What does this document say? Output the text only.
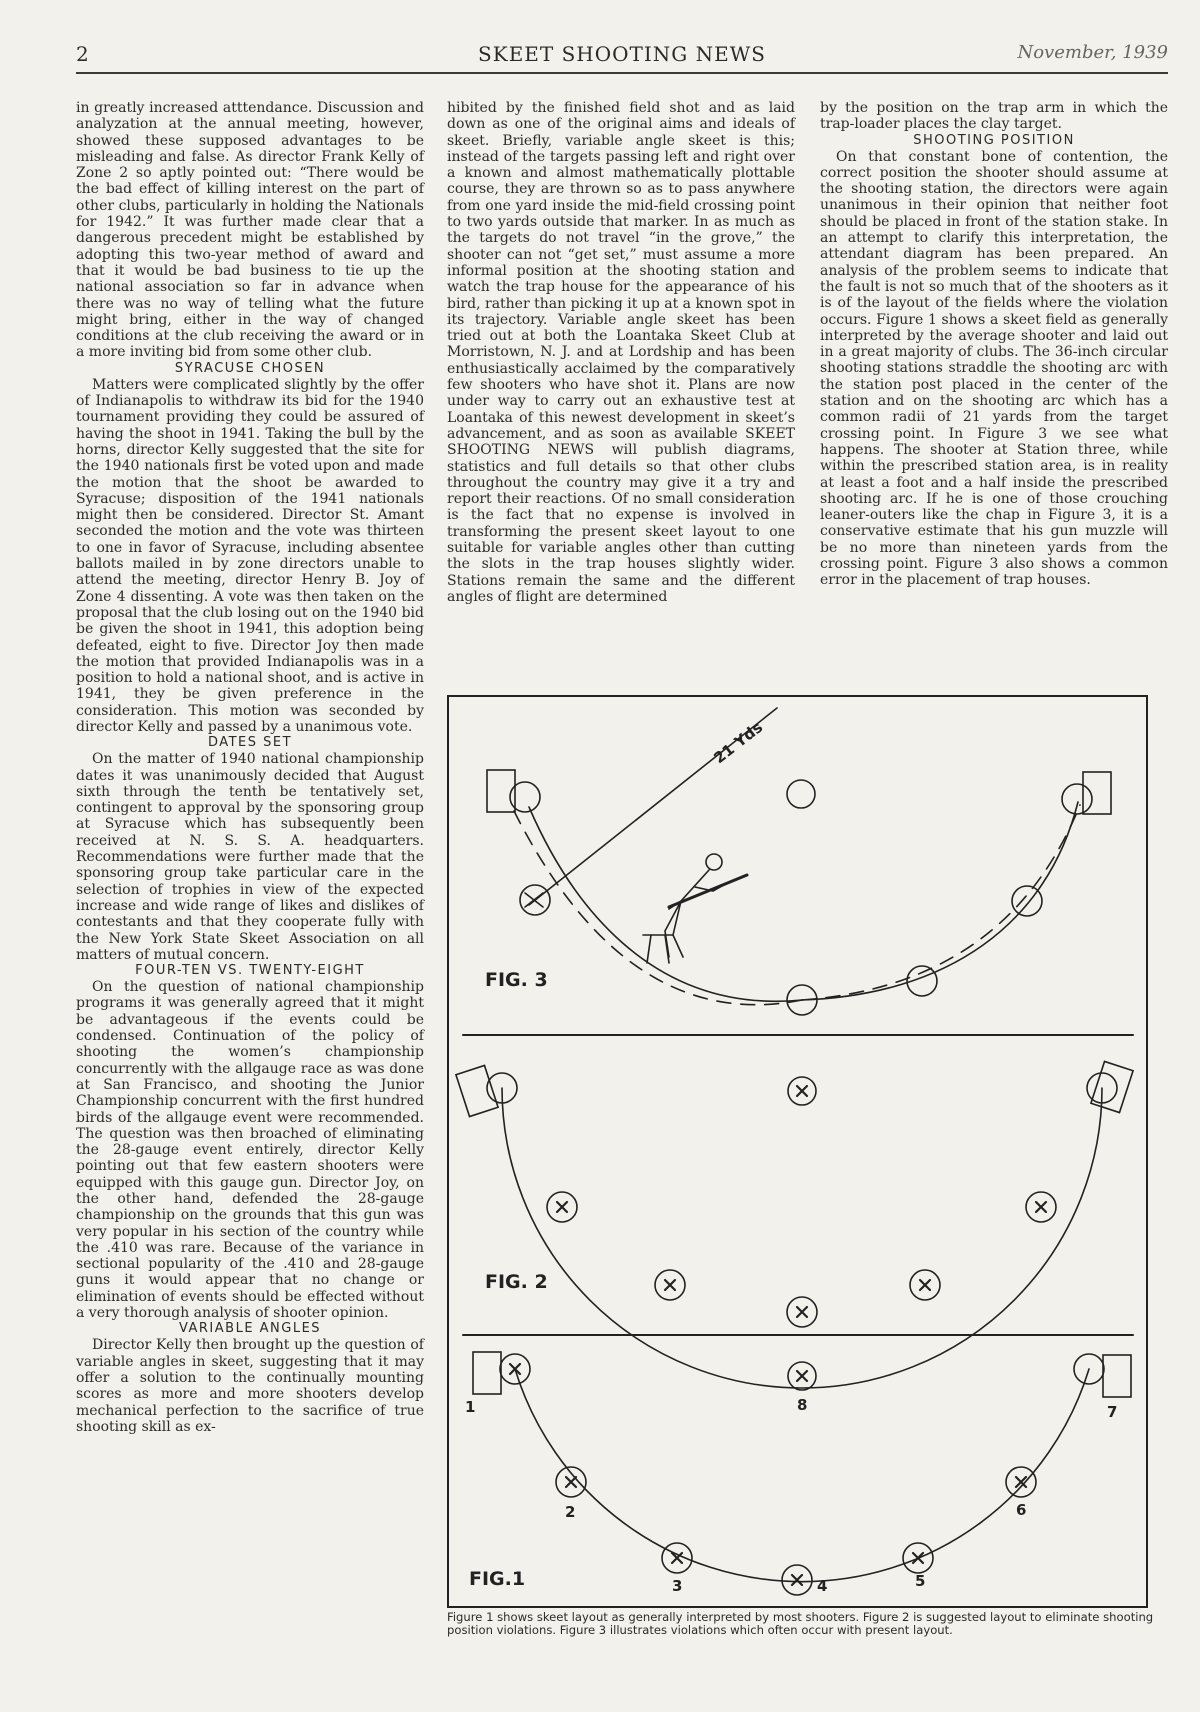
2	SKEET SHOOTING NEWS	November, 1939

in greatly increased atttendance. Discussion and analyzation at the annual meeting, however, showed these supposed advantages to be misleading and false. As director Frank Kelly of Zone 2 so aptly pointed out: “There would be the bad effect of killing interest on the part of other clubs, particularly in holding the Nationals for 1942.” It was further made clear that a dangerous precedent might be established by adopting this two-year method of award and that it would be bad business to tie up the national association so far in advance when there was no way of telling what the future might bring, either in the way of changed conditions at the club receiving the award or in a more inviting bid from some other club.

SYRACUSE CHOSEN

Matters were complicated slightly by the offer of Indianapolis to withdraw its bid for the 1940 tournament providing they could be assured of having the shoot in 1941. Taking the bull by the horns, director Kelly suggested that the site for the 1940 nationals first be voted upon and made the motion that the shoot be awarded to Syracuse; disposition of the 1941 nationals might then be considered. Director St. Amant seconded the motion and the vote was thirteen to one in favor of Syracuse, including absentee ballots mailed in by zone directors unable to attend the meeting, director Henry B. Joy of Zone 4 dissenting. A vote was then taken on the proposal that the club losing out on the 1940 bid be given the shoot in 1941, this adoption being defeated, eight to five. Director Joy then made the motion that provided Indianapolis was in a position to hold a national shoot, and is active in 1941, they be given preference in the consideration. This motion was seconded by director Kelly and passed by a unanimous vote.

DATES SET

On the matter of 1940 national championship dates it was unanimously decided that August sixth through the tenth be tentatively set, contingent to approval by the sponsoring group at Syracuse which has subsequently been received at N. S. S. A. headquarters. Recommendations were further made that the sponsoring group take particular care in the selection of trophies in view of the expected increase and wide range of likes and dislikes of contestants and that they cooperate fully with the New York State Skeet Association on all matters of mutual concern.

FOUR-TEN VS. TWENTY-EIGHT

On the question of national championship programs it was generally agreed that it might be advantageous if the events could be condensed. Continuation of the policy of shooting the women’s championship concurrently with the allgauge race as was done at San Francisco, and shooting the Junior Championship concurrent with the first hundred birds of the allgauge event were recommended. The question was then broached of eliminating the 28-gauge event entirely, director Kelly pointing out that few eastern shooters were equipped with this gauge gun. Director Joy, on the other hand, defended the 28-gauge championship on the grounds that this gun was very popular in his section of the country while the .410 was rare. Because of the variance in sectional popularity of the .410 and 28-gauge guns it would appear that no change or elimination of events should be effected without a very thorough analysis of shooter opinion.

VARIABLE ANGLES

Director Kelly then brought up the question of variable angles in skeet, suggesting that it may offer a solution to the continually mounting scores as more and more shooters develop mechanical perfection to the sacrifice of true shooting skill as ex-

hibited by the finished field shot and as laid down as one of the original aims and ideals of skeet. Briefly, variable angle skeet is this; instead of the targets passing left and right over a known and almost mathematically plottable course, they are thrown so as to pass anywhere from one yard inside the mid-field crossing point to two yards outside that marker. In as much as the targets do not travel “in the grove,” the shooter can not “get set,” must assume a more informal position at the shooting station and watch the trap house for the appearance of his bird, rather than picking it up at a known spot in its trajectory. Variable angle skeet has been tried out at both the Loantaka Skeet Club at Morristown, N. J. and at Lordship and has been enthusiastically acclaimed by the comparatively few shooters who have shot it. Plans are now under way to carry out an exhaustive test at Loantaka of this newest development in skeet’s advancement, and as soon as available SKEET SHOOTING NEWS will publish diagrams, statistics and full details so that other clubs throughout the country may give it a try and report their reactions. Of no small consideration is the fact that no expense is involved in transforming the present skeet layout to one suitable for variable angles other than cutting the slots in the trap houses slightly wider. Stations remain the same and the different angles of flight are determined

by the position on the trap arm in which the trap-loader places the clay target.

SHOOTING POSITION

On that constant bone of contention, the correct position the shooter should assume at the shooting station, the directors were again unanimous in their opinion that neither foot should be placed in front of the station stake. In an attempt to clarify this interpretation, the attendant diagram has been prepared. An analysis of the problem seems to indicate that the fault is not so much that of the shooters as it is of the layout of the fields where the violation occurs. Figure 1 shows a skeet field as generally interpreted by the average shooter and laid out in a great majority of clubs. The 36-inch circular shooting stations straddle the shooting arc with the station post placed in the center of the station and on the shooting arc which has a common radii of 21 yards from the target crossing point. In Figure 3 we see what happens. The shooter at Station three, while within the prescribed station area, is in reality at least a foot and a half inside the prescribed shooting arc. If he is one of those crouching leaner-outers like the chap in Figure 3, it is a conservative estimate that his gun muzzle will be no more than nineteen yards from the crossing point. Figure 3 also shows a common error in the placement of trap houses.

21 Yds
FIG. 3
FIG. 2
1
2
3	4	5
6
7
8
FIG.1
Figure 1 shows skeet layout as generally interpreted by most shooters. Figure 2 is suggested layout to eliminate shooting position violations. Figure 3 illustrates violations which often occur with present layout.
